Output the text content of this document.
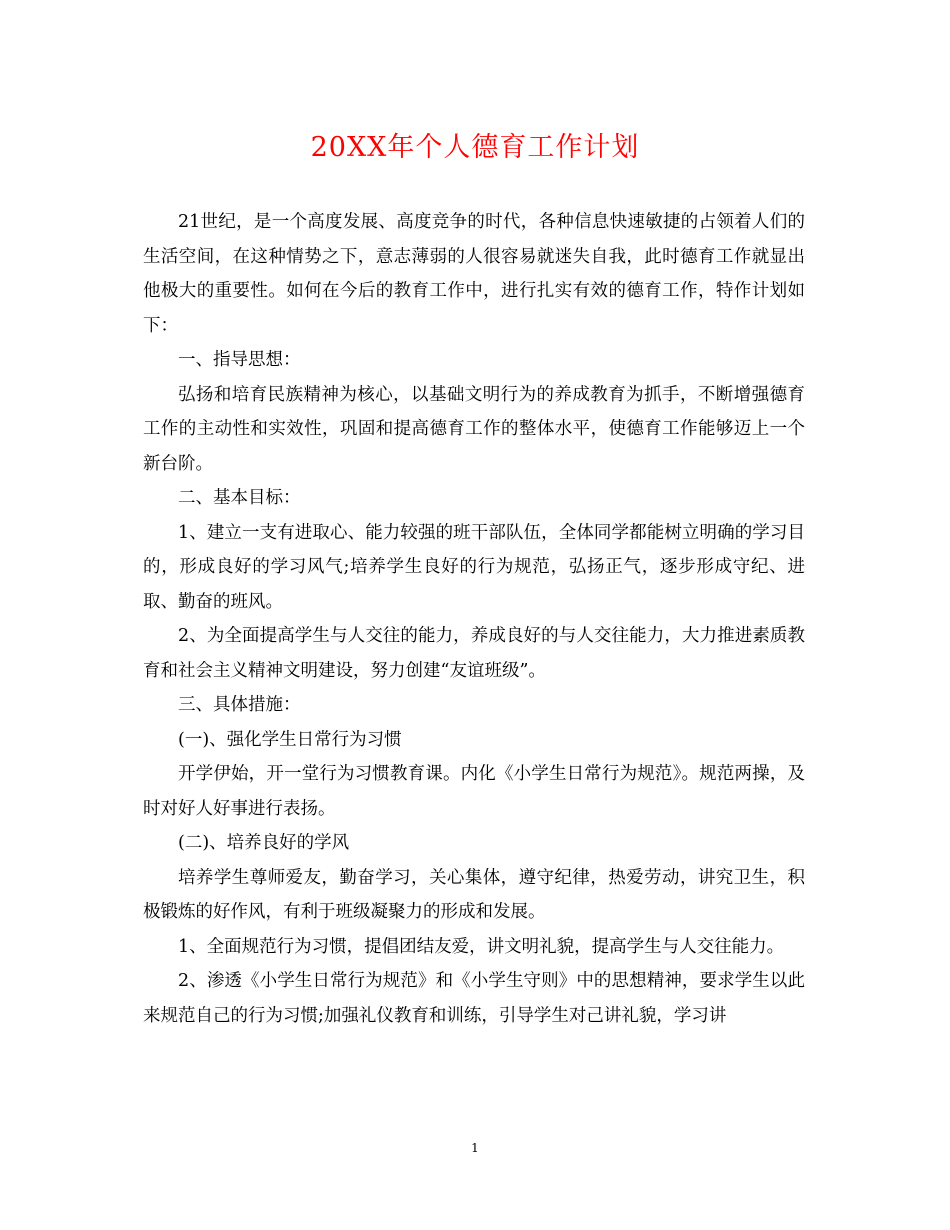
20XX年个人德育工作计划

21世纪，是一个高度发展、高度竞争的时代，各种信息快速敏捷的占领着人们的生活空间，在这种情势之下，意志薄弱的人很容易就迷失自我，此时德育工作就显出他极大的重要性。如何在今后的教育工作中，进行扎实有效的德育工作，特作计划如下：

一、指导思想：

弘扬和培育民族精神为核心，以基础文明行为的养成教育为抓手，不断增强德育工作的主动性和实效性，巩固和提高德育工作的整体水平，使德育工作能够迈上一个新台阶。

二、基本目标：

1、建立一支有进取心、能力较强的班干部队伍，全体同学都能树立明确的学习目的，形成良好的学习风气;培养学生良好的行为规范，弘扬正气，逐步形成守纪、进取、勤奋的班风。

2、为全面提高学生与人交往的能力，养成良好的与人交往能力，大力推进素质教育和社会主义精神文明建设，努力创建“友谊班级”。

三、具体措施：

(一)、强化学生日常行为习惯

开学伊始，开一堂行为习惯教育课。内化《小学生日常行为规范》。规范两操，及时对好人好事进行表扬。

(二)、培养良好的学风

培养学生尊师爱友，勤奋学习，关心集体，遵守纪律，热爱劳动，讲究卫生，积极锻炼的好作风，有利于班级凝聚力的形成和发展。

1、全面规范行为习惯，提倡团结友爱，讲文明礼貌，提高学生与人交往能力。

2、渗透《小学生日常行为规范》和《小学生守则》中的思想精神，要求学生以此来规范自己的行为习惯;加强礼仪教育和训练，引导学生对己讲礼貌，学习讲

1
